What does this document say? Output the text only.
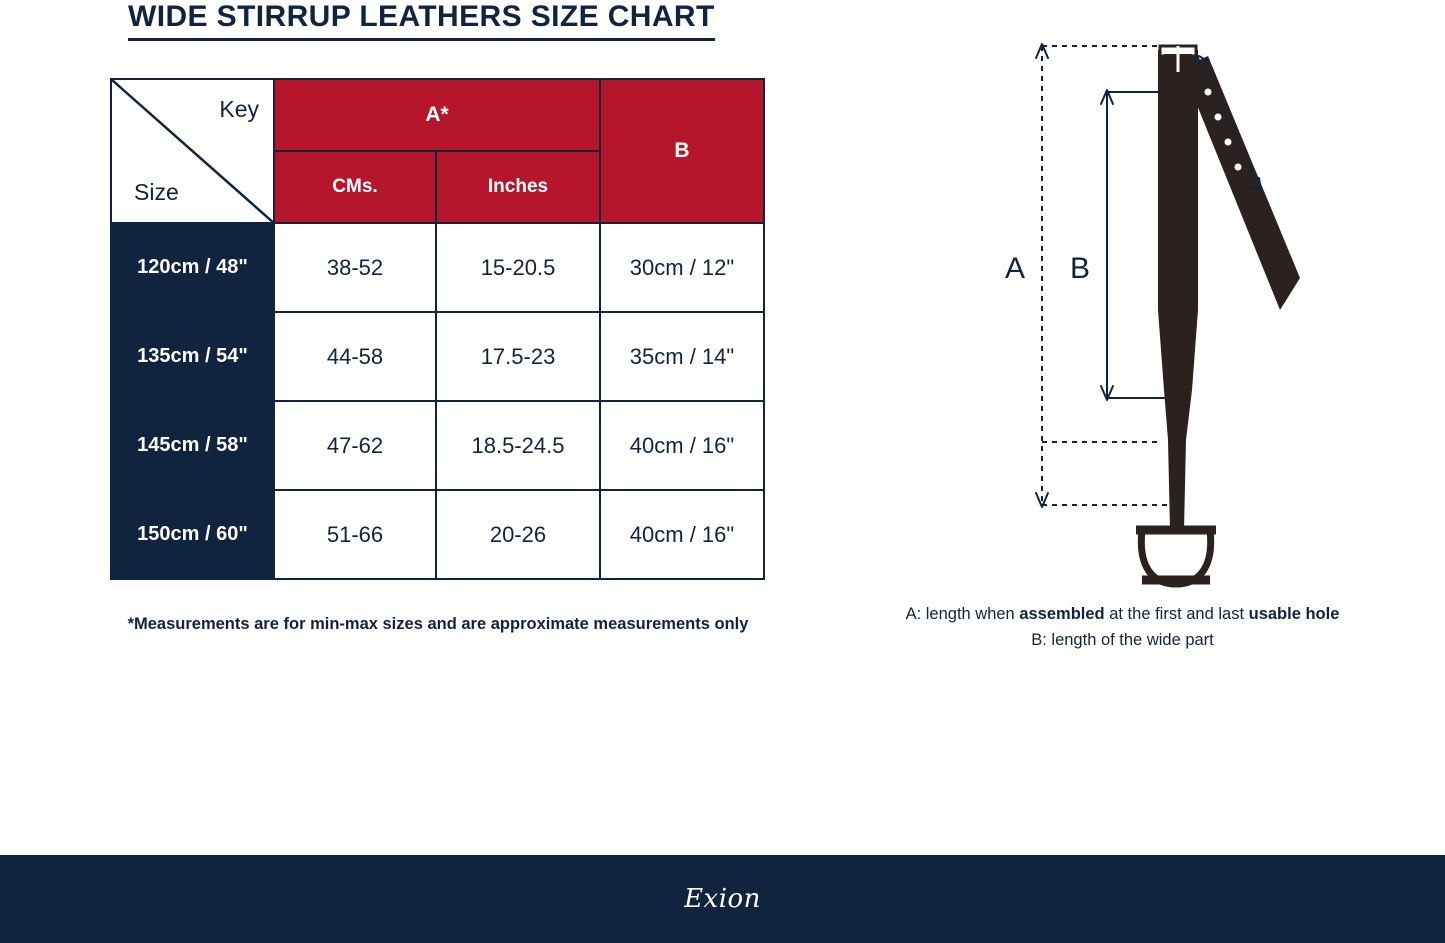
WIDE STIRRUP LEATHERS SIZE CHART
Key
Size	A*		B
	CMs.	Inches	
120cm / 48"	38-52	15-20.5	30cm / 12"
135cm / 54"	44-58	17.5-23	35cm / 14"
145cm / 58"	47-62	18.5-24.5	40cm / 16"
150cm / 60"	51-66	20-26	40cm / 16"
*Measurements are for min-max sizes and are approximate measurements only
A B
A: length when assembled at the first and last usable hole
B: length of the wide part
Exion
